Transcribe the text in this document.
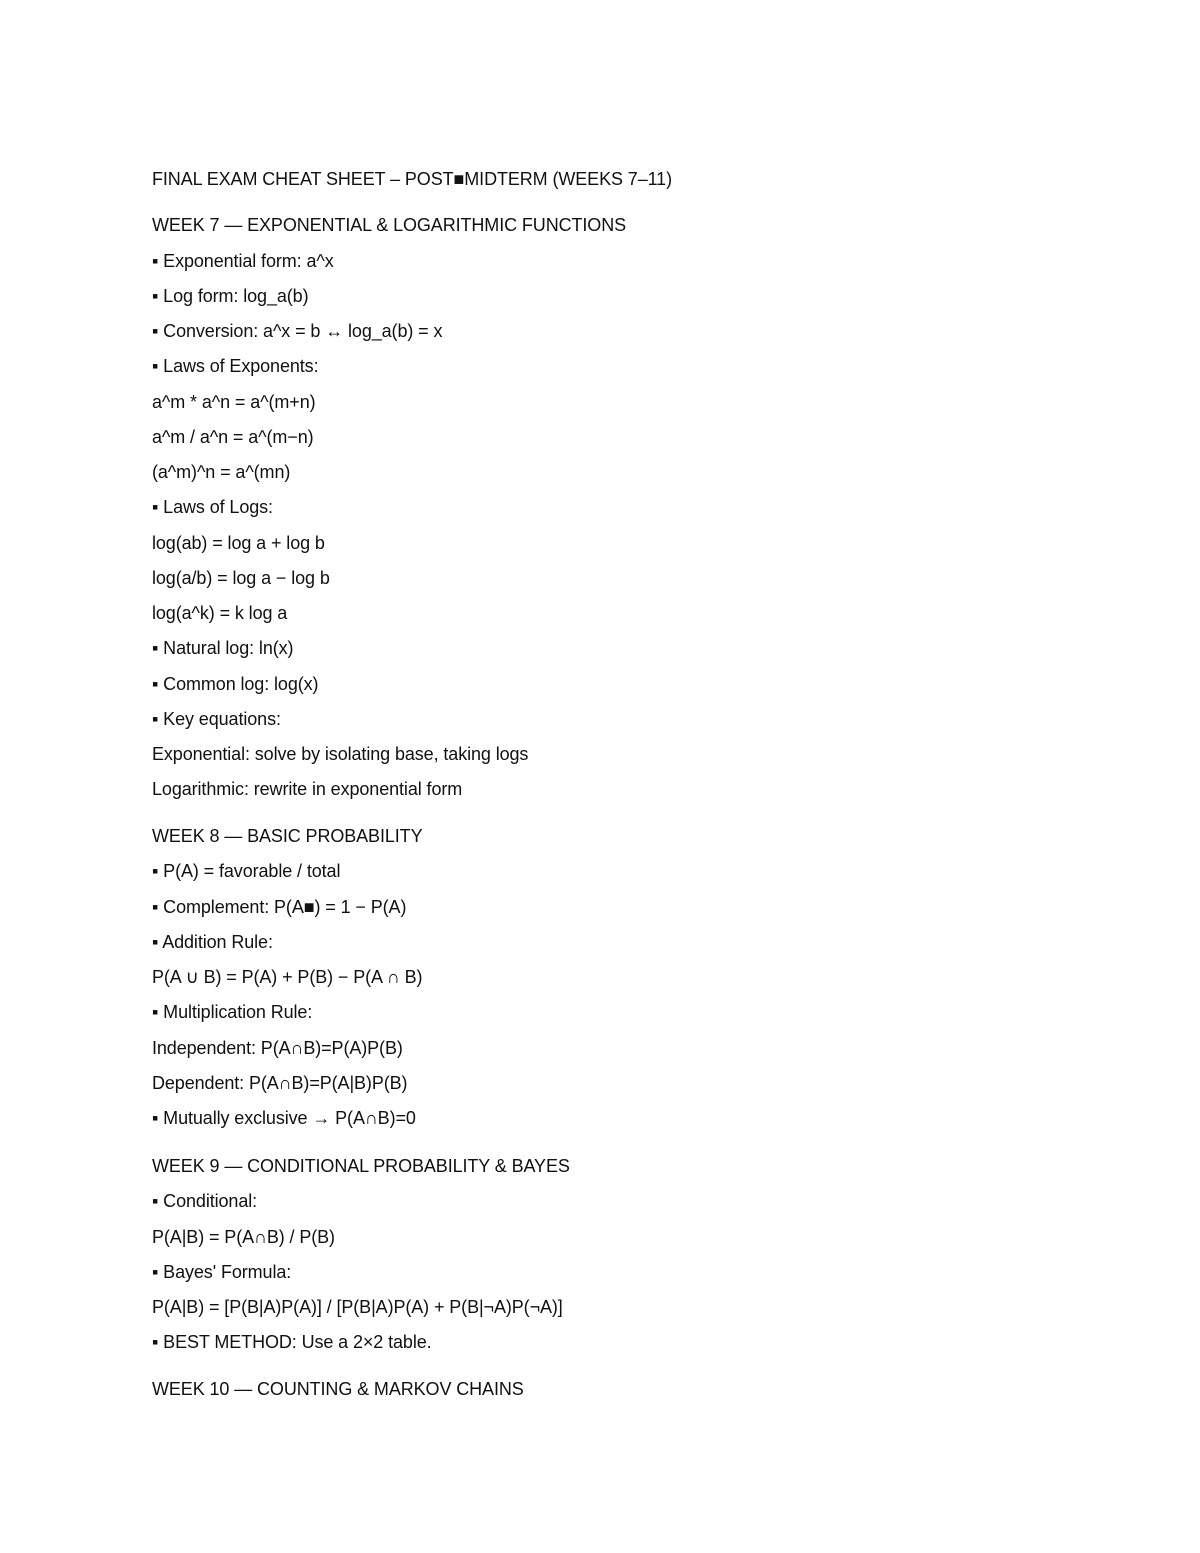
FINAL EXAM CHEAT SHEET – POST■MIDTERM (WEEKS 7–11)
WEEK 7 — EXPONENTIAL & LOGARITHMIC FUNCTIONS

▪ Exponential form: a^x

▪ Log form: log_a(b)

▪ Conversion: a^x = b ↔ log_a(b) = x

▪ Laws of Exponents:

a^m * a^n = a^(m+n)

a^m / a^n = a^(m−n)

(a^m)^n = a^(mn)

▪ Laws of Logs:

log(ab) = log a + log b

log(a/b) = log a − log b

log(a^k) = k log a

▪ Natural log: ln(x)

▪ Common log: log(x)

▪ Key equations:

Exponential: solve by isolating base, taking logs

Logarithmic: rewrite in exponential form

WEEK 8 — BASIC PROBABILITY

▪ P(A) = favorable / total

▪ Complement: P(A■) = 1 − P(A)

▪ Addition Rule:

P(A ∪ B) = P(A) + P(B) − P(A ∩ B)

▪ Multiplication Rule:

Independent: P(A∩B)=P(A)P(B)

Dependent: P(A∩B)=P(A|B)P(B)

▪ Mutually exclusive → P(A∩B)=0

WEEK 9 — CONDITIONAL PROBABILITY & BAYES

▪ Conditional:

P(A|B) = P(A∩B) / P(B)

▪ Bayes' Formula:

P(A|B) = [P(B|A)P(A)] / [P(B|A)P(A) + P(B|¬A)P(¬A)]

▪ BEST METHOD: Use a 2×2 table.

WEEK 10 — COUNTING & MARKOV CHAINS
